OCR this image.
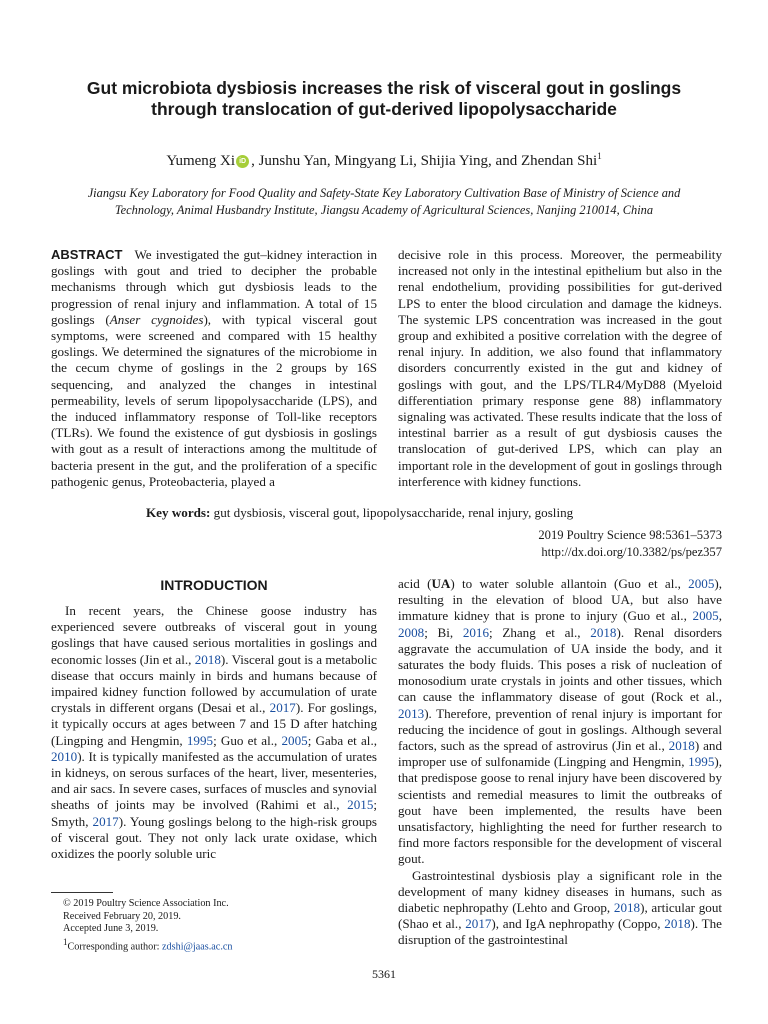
Gut microbiota dysbiosis increases the risk of visceral gout in goslings through translocation of gut-derived lipopolysaccharide
Yumeng Xi iD , Junshu Yan, Mingyang Li, Shijia Ying, and Zhendan Shi$^1$
Jiangsu Key Laboratory for Food Quality and Safety-State Key Laboratory Cultivation Base of Ministry of Science and Technology, Animal Husbandry Institute, Jiangsu Academy of Agricultural Sciences, Nanjing 210014, China
ABSTRACT We investigated the gut–kidney interaction in goslings with gout and tried to decipher the probable mechanisms through which gut dysbiosis leads to the progression of renal injury and inflammation. A total of 15 goslings (Anser cygnoides), with typical visceral gout symptoms, were screened and compared with 15 healthy goslings. We determined the signatures of the microbiome in the cecum chyme of goslings in the 2 groups by 16S sequencing, and analyzed the changes in intestinal permeability, levels of serum lipopolysaccharide (LPS), and the induced inflammatory response of Toll-like receptors (TLRs). We found the existence of gut dysbiosis in goslings with gout as a result of interactions among the multitude of bacteria present in the gut, and the proliferation of a specific pathogenic genus, Proteobacteria, played a
decisive role in this process. Moreover, the permeability increased not only in the intestinal epithelium but also in the renal endothelium, providing possibilities for gut-derived LPS to enter the blood circulation and damage the kidneys. The systemic LPS concentration was increased in the gout group and exhibited a positive correlation with the degree of renal injury. In addition, we also found that inflammatory disorders concurrently existed in the gut and kidney of goslings with gout, and the LPS/TLR4/MyD88 (Myeloid differentiation primary response gene 88) inflammatory signaling was activated. These results indicate that the loss of intestinal barrier as a result of gut dysbiosis causes the translocation of gut-derived LPS, which can play an important role in the development of gout in goslings through interference with kidney functions.
Key words: gut dysbiosis, visceral gout, lipopolysaccharide, renal injury, gosling
2019 Poultry Science 98:5361–5373
http://dx.doi.org/10.3382/ps/pez357
INTRODUCTION
In recent years, the Chinese goose industry has experienced severe outbreaks of visceral gout in young goslings that have caused serious mortalities in goslings and economic losses (Jin et al., 2018). Visceral gout is a metabolic disease that occurs mainly in birds and humans because of impaired kidney function followed by accumulation of urate crystals in different organs (Desai et al., 2017). For goslings, it typically occurs at ages between 7 and 15 D after hatching (Lingping and Hengmin, 1995; Guo et al., 2005; Gaba et al., 2010). It is typically manifested as the accumulation of urates in kidneys, on serous surfaces of the heart, liver, mesenteries, and air sacs. In severe cases, surfaces of muscles and synovial sheaths of joints may be involved (Rahimi et al., 2015; Smyth, 2017). Young goslings belong to the high-risk groups of visceral gout. They not only lack urate oxidase, which oxidizes the poorly soluble uric
acid (UA) to water soluble allantoin (Guo et al., 2005), resulting in the elevation of blood UA, but also have immature kidney that is prone to injury (Guo et al., 2005, 2008; Bi, 2016; Zhang et al., 2018). Renal disorders aggravate the accumulation of UA inside the body, and it saturates the body fluids. This poses a risk of nucleation of monosodium urate crystals in joints and other tissues, which can cause the inflammatory disease of gout (Rock et al., 2013). Therefore, prevention of renal injury is important for reducing the incidence of gout in goslings. Although several factors, such as the spread of astrovirus (Jin et al., 2018) and improper use of sulfonamide (Lingping and Hengmin, 1995), that predispose goose to renal injury have been discovered by scientists and remedial measures to limit the outbreaks of gout have been implemented, the results have been unsatisfactory, highlighting the need for further research to find more factors responsible for the development of visceral gout.
Gastrointestinal dysbiosis play a significant role in the development of many kidney diseases in humans, such as diabetic nephropathy (Lehto and Groop, 2018), articular gout (Shao et al., 2017), and IgA nephropathy (Coppo, 2018). The disruption of the gastrointestinal
© 2019 Poultry Science Association Inc.
Received February 20, 2019.
Accepted June 3, 2019.
$^1$Corresponding author: zdshi@jaas.ac.cn
5361
